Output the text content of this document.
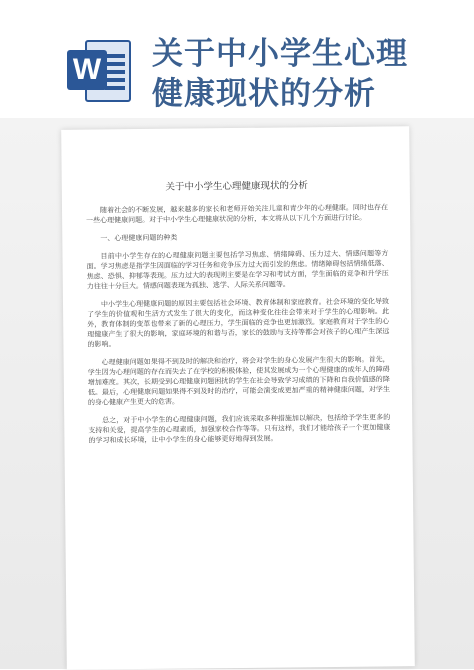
W 关于中小学生心理
健康现状的分析
关于中小学生心理健康现状的分析

随着社会的不断发展，越来越多的家长和老师开始关注儿童和青少年的心理健康。同时也存在一些心理健康问题。对于中小学生心理健康状况的分析，本文将从以下几个方面进行讨论。

一、心理健康问题的种类

目前中小学生存在的心理健康问题主要包括学习焦虑、情绪障碍、压力过大、情感问题等方面。学习焦虑是指学生因面临的学习任务和竞争压力过大而引发的焦虑。情绪障碍包括情绪低落、焦虑、恐惧、抑郁等表现。压力过大的表现则主要是在学习和考试方面，学生面临的竞争和升学压力往往十分巨大。情感问题表现为孤独、逃学、人际关系问题等。

中小学生心理健康问题的原因主要包括社会环境、教育体制和家庭教育。社会环境的变化导致了学生的价值观和生活方式发生了很大的变化，而这种变化往往会带来对于学生的心理影响。此外，教育体制的变革也带来了新的心理压力，学生面临的竞争也更加激烈。家庭教育对于学生的心理健康产生了很大的影响，家庭环境的和谐与否，家长的鼓励与支持等都会对孩子的心理产生深远的影响。

心理健康问题如果得不到及时的解决和治疗，将会对学生的身心发展产生很大的影响。首先，学生因为心理问题的存在而失去了在学校的积极体验，使其发展成为一个心理健康的成年人的障碍增加难度。其次，长期受到心理健康问题困扰的学生在社会导致学习成绩的下降和自我价值感的降低。最后，心理健康问题如果得不到及时的治疗，可能会演变成更加严重的精神健康问题，对学生的身心健康产生更大的危害。

总之，对于中小学生的心理健康问题，我们应该采取多种措施加以解决，包括给予学生更多的支持和关爱，提高学生的心理素质，加强家校合作等等。只有这样，我们才能给孩子一个更加健康的学习和成长环境，让中小学生的身心能够更好地得到发展。
